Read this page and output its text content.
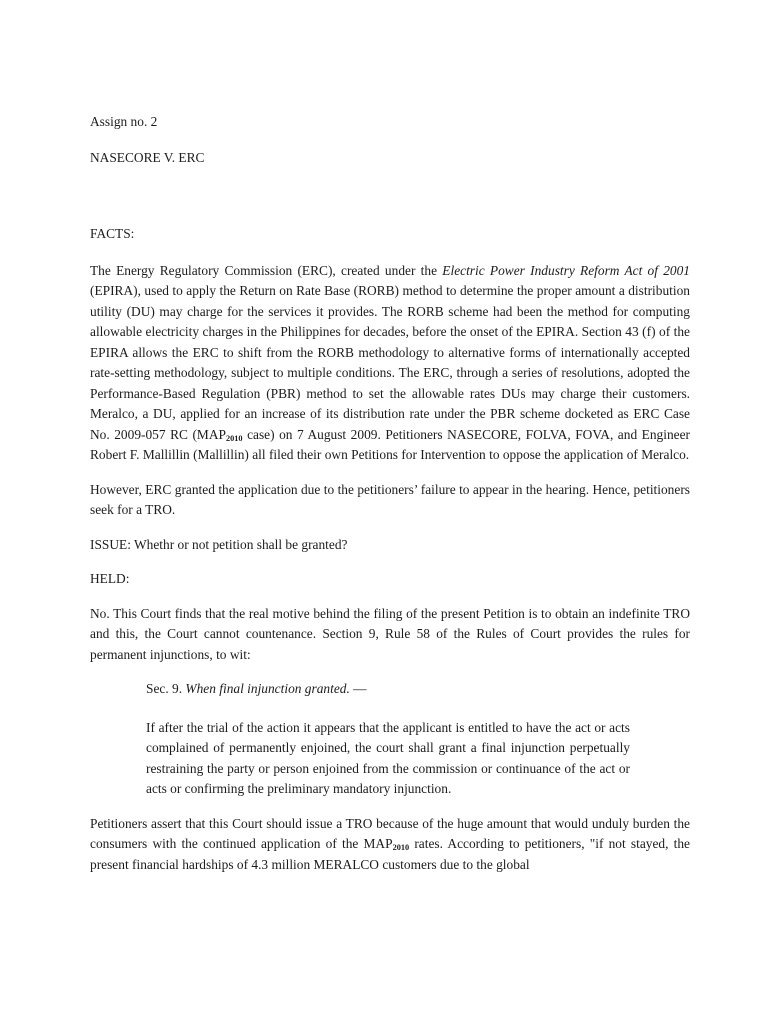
Assign no. 2

NASECORE V. ERC

FACTS:

The Energy Regulatory Commission (ERC), created under the Electric Power Industry Reform Act of 2001 (EPIRA), used to apply the Return on Rate Base (RORB) method to determine the proper amount a distribution utility (DU) may charge for the services it provides. The RORB scheme had been the method for computing allowable electricity charges in the Philippines for decades, before the onset of the EPIRA. Section 43 (f) of the EPIRA allows the ERC to shift from the RORB methodology to alternative forms of internationally accepted rate-setting methodology, subject to multiple conditions. The ERC, through a series of resolutions, adopted the Performance-Based Regulation (PBR) method to set the allowable rates DUs may charge their customers. Meralco, a DU, applied for an increase of its distribution rate under the PBR scheme docketed as ERC Case No. 2009-057 RC ($MAP_{2010}$ case) on 7 August 2009. Petitioners NASECORE, FOLVA, FOVA, and Engineer Robert F. Mallillin (Mallillin) all filed their own Petitions for Intervention to oppose the application of Meralco.

However, ERC granted the application due to the petitioners’ failure to appear in the hearing. Hence, petitioners seek for a TRO.

ISSUE: Whethr or not petition shall be granted?

HELD:

No. This Court finds that the real motive behind the filing of the present Petition is to obtain an indefinite TRO and this, the Court cannot countenance. Section 9, Rule 58 of the Rules of Court provides the rules for permanent injunctions, to wit:

Sec. 9. When final injunction granted. —

If after the trial of the action it appears that the applicant is entitled to have the act or acts complained of permanently enjoined, the court shall grant a final injunction perpetually restraining the party or person enjoined from the commission or continuance of the act or acts or confirming the preliminary mandatory injunction.

Petitioners assert that this Court should issue a TRO because of the huge amount that would unduly burden the consumers with the continued application of the $MAP_{2010}$ rates. According to petitioners, "if not stayed, the present financial hardships of 4.3 million MERALCO customers due to the global
